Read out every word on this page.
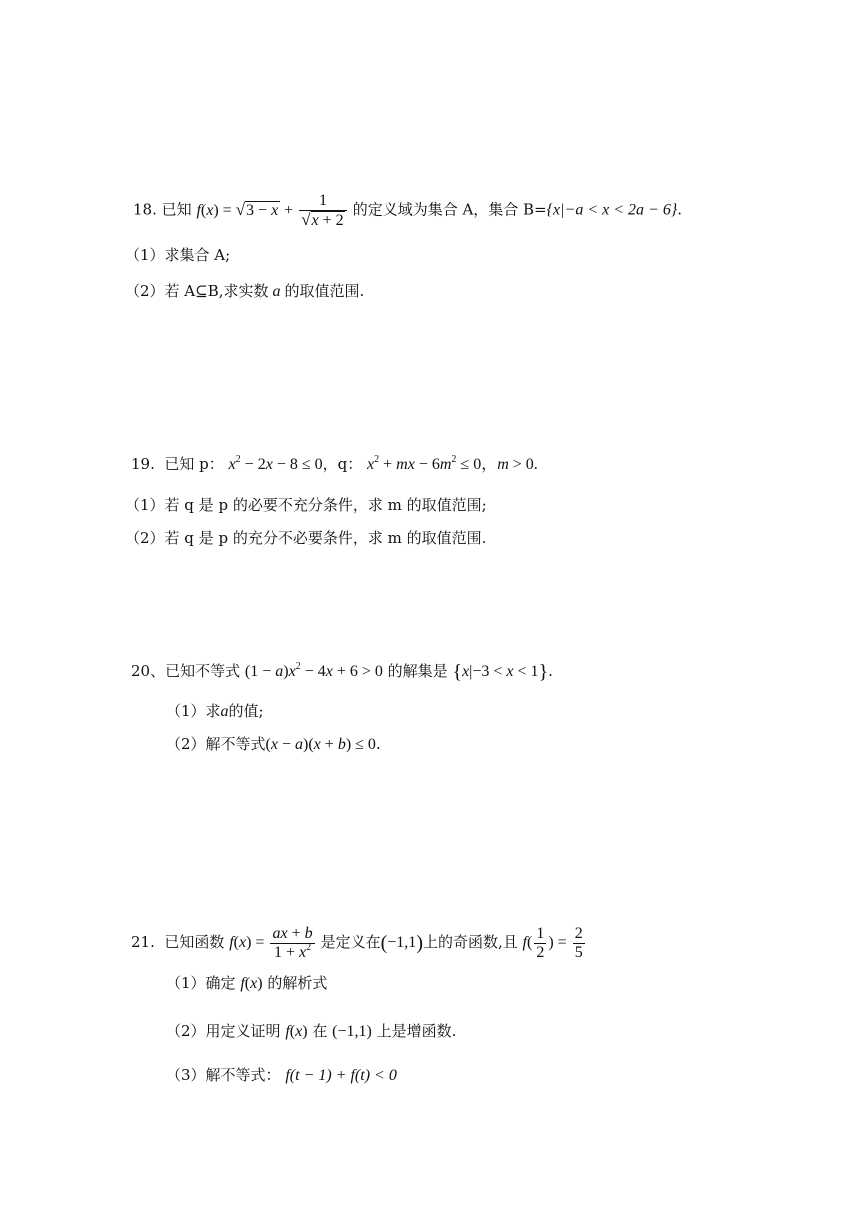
18. 已知 $f(x) = √3 - x + \frac{1}{√x + 2}$ 的定义域为集合 A，集合 B={x|−a < x < 2a − 6}.
（1）求集合 A;
（2）若 A⊆B,求实数 a 的取值范围.
19. 已知 p： $x^2 - 2x - 8 \le 0$，q： $x^2$ + mx − $6m^2 \le 0$，m > 0.
（1）若 q 是 p 的必要不充分条件，求 m 的取值范围;
（2）若 q 是 p 的充分不必要条件，求 m 的取值范围.
20、已知不等式 $(1 - a)x^2 - 4x + 6 > 0$ 的解集是 {x|−3 < x < 1}.
（1）求a的值;
（2）解不等式(x − a)(x + b) ≤ 0.
21. 已知函数 $f(x) = \frac{ax + b}{1 + x^2}$ 是定义在(−1,1)上的奇函数,且 $f( \frac{1}{2}$ ) = $\frac{2}{5}$
（1）确定 f(x) 的解析式
（2）用定义证明 f(x) 在 (−1,1) 上是增函数.
（3）解不等式： f(t − 1) + f(t) < 0
